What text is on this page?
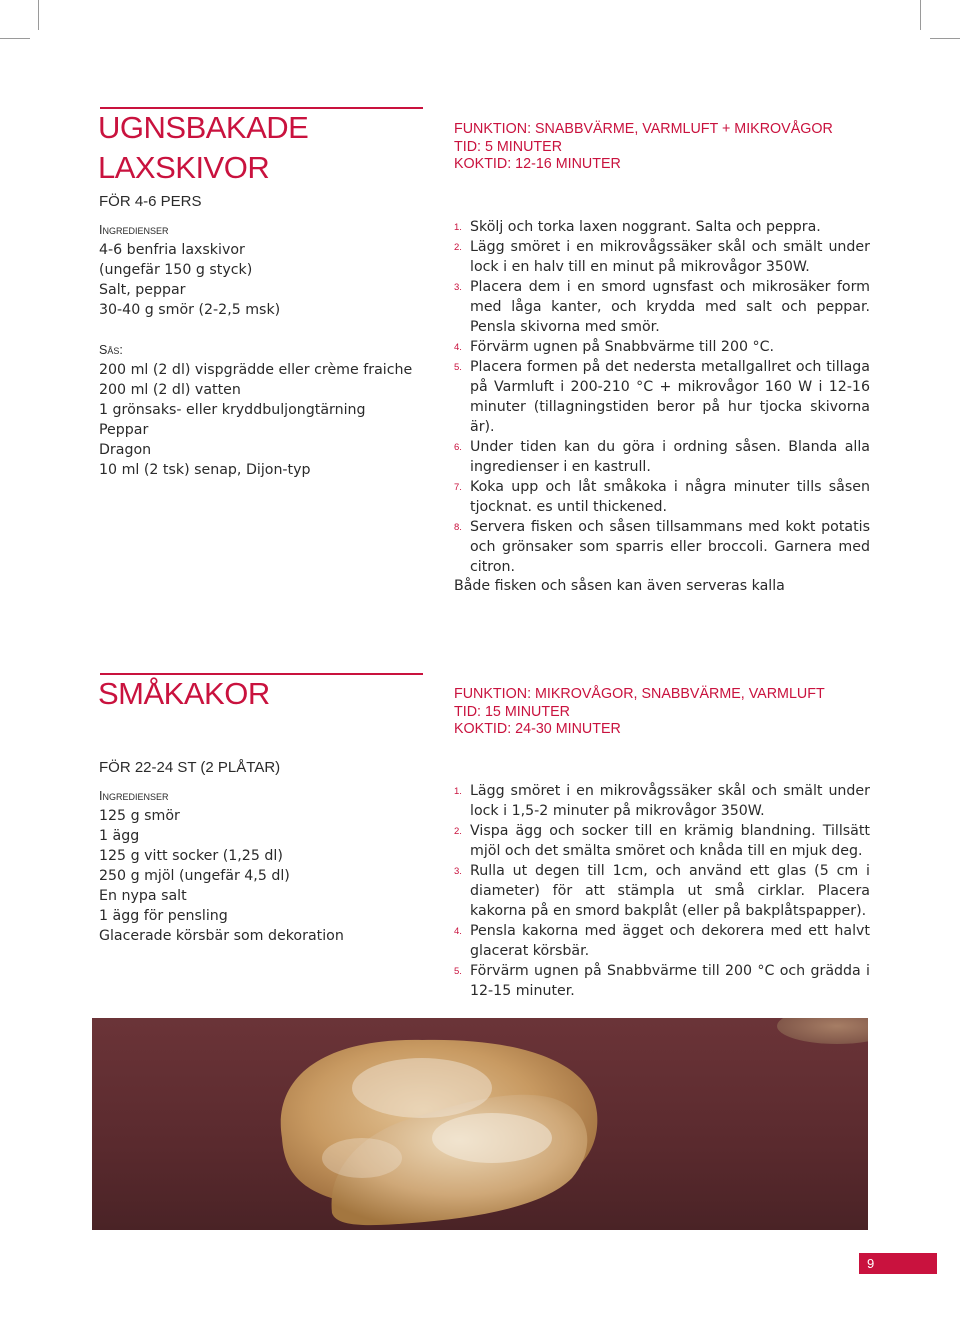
UGNSBAKADE
LAXSKIVOR
FUNKTION: SNABBVÄRME, VARMLUFT + MIKROVÅGOR
TID: 5 MINUTER
KOKTID: 12-16 MINUTER
FÖR 4-6 PERS
Ingredienser
4-6 benfria laxskivor
(ungefär 150 g styck)
Salt, peppar
30-40 g smör (2-2,5 msk)
Sås:
200 ml (2 dl) vispgrädde eller crème fraiche
200 ml (2 dl) vatten
1 grönsaks- eller kryddbuljongtärning
Peppar
Dragon
10 ml (2 tsk) senap, Dijon-typ
1. Skölj och torka laxen noggrant. Salta och peppra.
2. Lägg smöret i en mikrovågssäker skål och smält under lock i en halv till en minut på mikrovågor 350W.
3. Placera dem i en smord ugnsfast och mikrosäker form med låga kanter, och krydda med salt och peppar. Pensla skivorna med smör.
4. Förvärm ugnen på Snabbvärme till 200 °C.
5. Placera formen på det nedersta metallgallret och tillaga på Varmluft i 200-210 °C + mikrovågor 160 W i 12-16 minuter (tillagningstiden beror på hur tjocka skivorna är).
6. Under tiden kan du göra i ordning såsen. Blanda alla ingredienser i en kastrull.
7. Koka upp och låt småkoka i några minuter tills såsen tjocknat. es until thickened.
8. Servera fisken och såsen tillsammans med kokt potatis och grönsaker som sparris eller broccoli. Garnera med citron.
Både fisken och såsen kan även serveras kalla
SMÅKAKOR	FUNKTION: MIKROVÅGOR, SNABBVÄRME, VARMLUFT
TID: 15 MINUTER
KOKTID: 24-30 MINUTER
FÖR 22-24 ST (2 PLÅTAR)
Ingredienser
125 g smör
1 ägg
125 g vitt socker (1,25 dl)
250 g mjöl (ungefär 4,5 dl)
En nypa salt
1 ägg för pensling
Glacerade körsbär som dekoration
1. Lägg smöret i en mikrovågssäker skål och smält under lock i 1,5-2 minuter på mikrovågor 350W.
2. Vispa ägg och socker till en krämig blandning. Tillsätt mjöl och det smälta smöret och knåda till en mjuk deg.
3. Rulla ut degen till 1cm, och använd ett glas (5 cm i diameter) för att stämpla ut små cirklar. Placera kakorna på en smord bakplåt (eller på bakplåtspapper).
4. Pensla kakorna med ägget och dekorera med ett halvt glacerat körsbär.
5. Förvärm ugnen på Snabbvärme till 200 °C och grädda i 12-15 minuter.
9
